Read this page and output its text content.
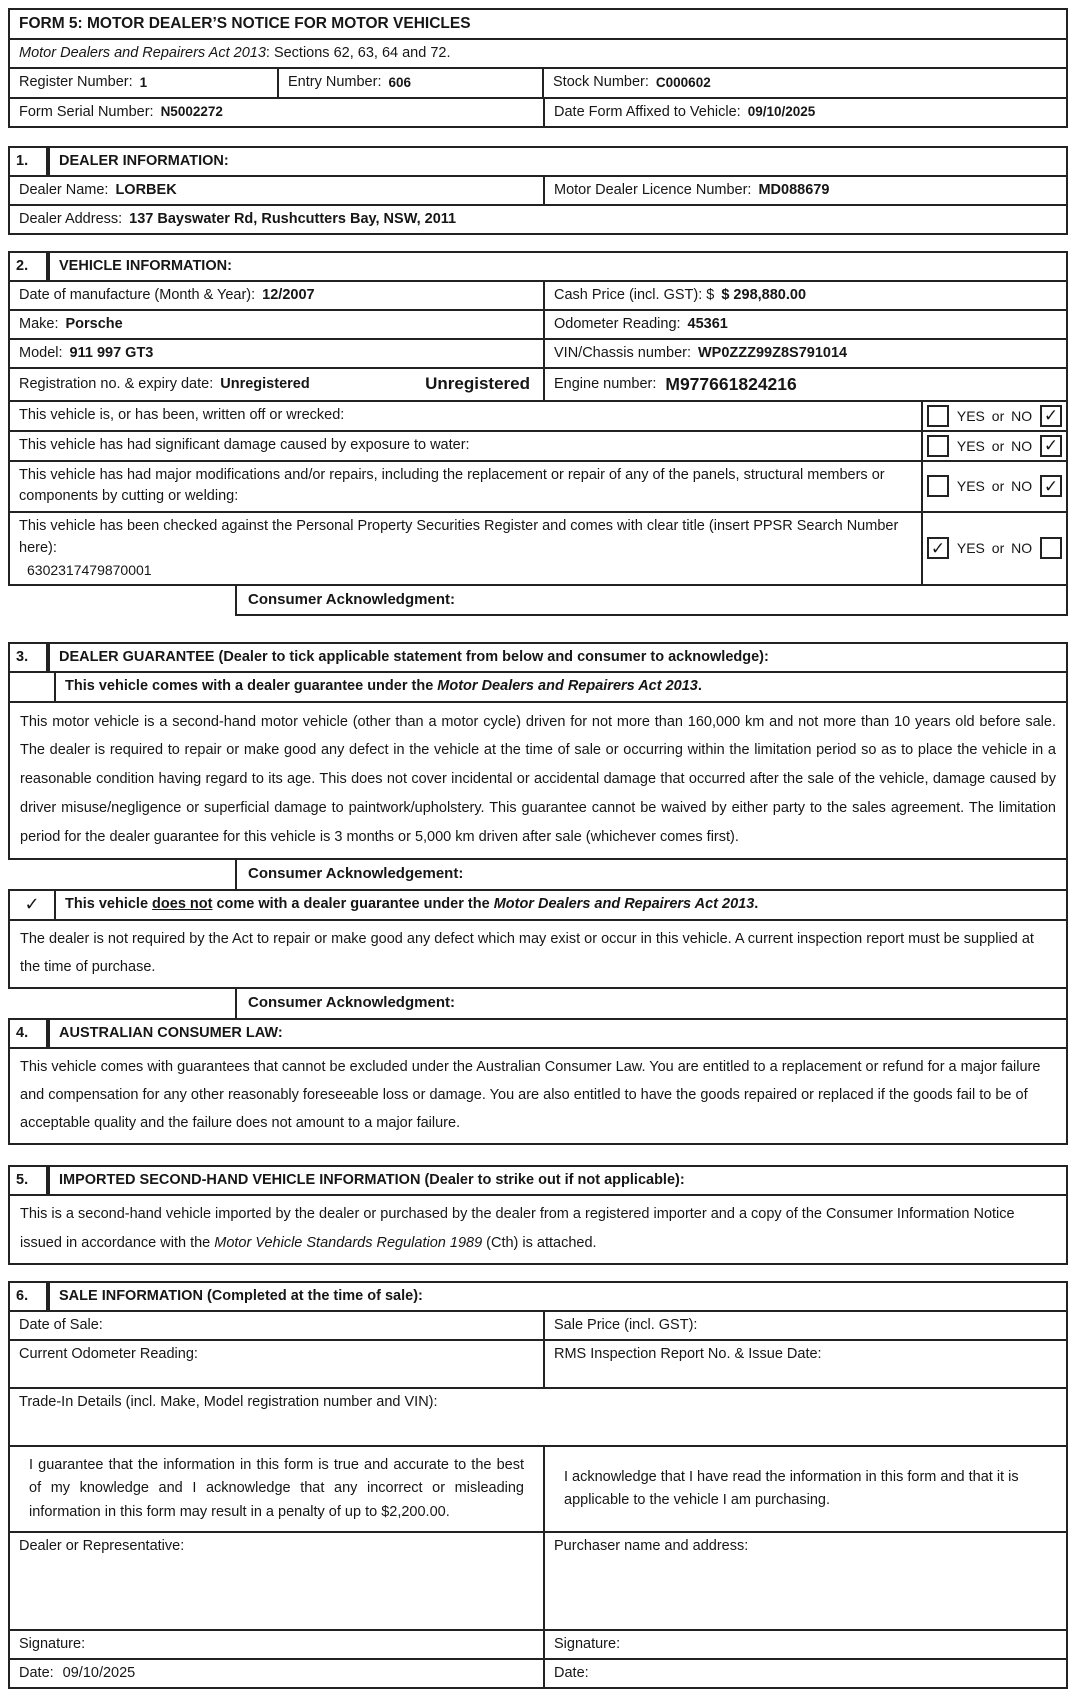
FORM 5: MOTOR DEALER’S NOTICE FOR MOTOR VEHICLES
Motor Dealers and Repairers Act 2013 : Sections 62, 63, 64 and 72.
Register Number: 1	Entry Number: 606	Stock Number: C000602
Form Serial Number: N5002272	Date Form Affixed to Vehicle: 09/10/2025
1.	DEALER INFORMATION:
Dealer Name: LORBEK	Motor Dealer Licence Number: MD088679
Dealer Address: 137 Bayswater Rd, Rushcutters Bay, NSW, 2011
2.	VEHICLE INFORMATION:
Date of manufacture (Month & Year): 12/2007	Cash Price (incl. GST): $ $ 298,880.00
Make: Porsche	Odometer Reading: 45361
Model: 911 997 GT3	VIN/Chassis number: WP0ZZZ99Z8S791014
Registration no. & expiry date: Unregistered	Unregistered Engine number: M977661824216
This vehicle is, or has been, written off or wrecked:	YES or NO ✓
This vehicle has had significant damage caused by exposure to water:	YES or NO ✓
This vehicle has had major modifications and/or repairs, including the replacement or repair of any of the panels, structural members or components by cutting or welding:
YES or NO ✓
This vehicle has been checked against the Personal Property Securities Register and comes with clear title (insert PPSR Search Number here):
6302317479870001
✓ YES or NO
Consumer Acknowledgment:
3.	DEALER GUARANTEE (Dealer to tick applicable statement from below and consumer to acknowledge):
This vehicle comes with a dealer guarantee under the Motor Dealers and Repairers Act 2013.
This motor vehicle is a second-hand motor vehicle (other than a motor cycle) driven for not more than 160,000 km and not more than 10 years old before sale. The dealer is required to repair or make good any defect in the vehicle at the time of sale or occurring within the limitation period so as to place the vehicle in a reasonable condition having regard to its age. This does not cover incidental or accidental damage that occurred after the sale of the vehicle, damage caused by driver misuse/negligence or superficial damage to paintwork/upholstery. This guarantee cannot be waived by either party to the sales agreement. The limitation period for the dealer guarantee for this vehicle is 3 months or 5,000 km driven after sale (whichever comes first).
Consumer Acknowledgement:
✓	This vehicle does not come with a dealer guarantee under the Motor Dealers and Repairers Act 2013.
The dealer is not required by the Act to repair or make good any defect which may exist or occur in this vehicle. A current inspection report must be supplied at the time of purchase.
Consumer Acknowledgment:
4.	AUSTRALIAN CONSUMER LAW:
This vehicle comes with guarantees that cannot be excluded under the Australian Consumer Law. You are entitled to a replacement or refund for a major failure and compensation for any other reasonably foreseeable loss or damage. You are also entitled to have the goods repaired or replaced if the goods fail to be of acceptable quality and the failure does not amount to a major failure.
5.	IMPORTED SECOND-HAND VEHICLE INFORMATION (Dealer to strike out if not applicable):
This is a second-hand vehicle imported by the dealer or purchased by the dealer from a registered importer and a copy of the Consumer Information Notice issued in accordance with the Motor Vehicle Standards Regulation 1989 (Cth) is attached.
6.	SALE INFORMATION (Completed at the time of sale):
Date of Sale:	Sale Price (incl. GST):
Current Odometer Reading:	RMS Inspection Report No. & Issue Date:
Trade-In Details (incl. Make, Model registration number and VIN):
I guarantee that the information in this form is true and accurate to the best of my knowledge and I acknowledge that any incorrect or misleading information in this form may result in a penalty of up to $2,200.00.
I acknowledge that I have read the information in this form and that it is applicable to the vehicle I am purchasing.
Dealer or Representative:	Purchaser name and address:
Signature:	Signature:
Date: 09/10/2025	Date:
